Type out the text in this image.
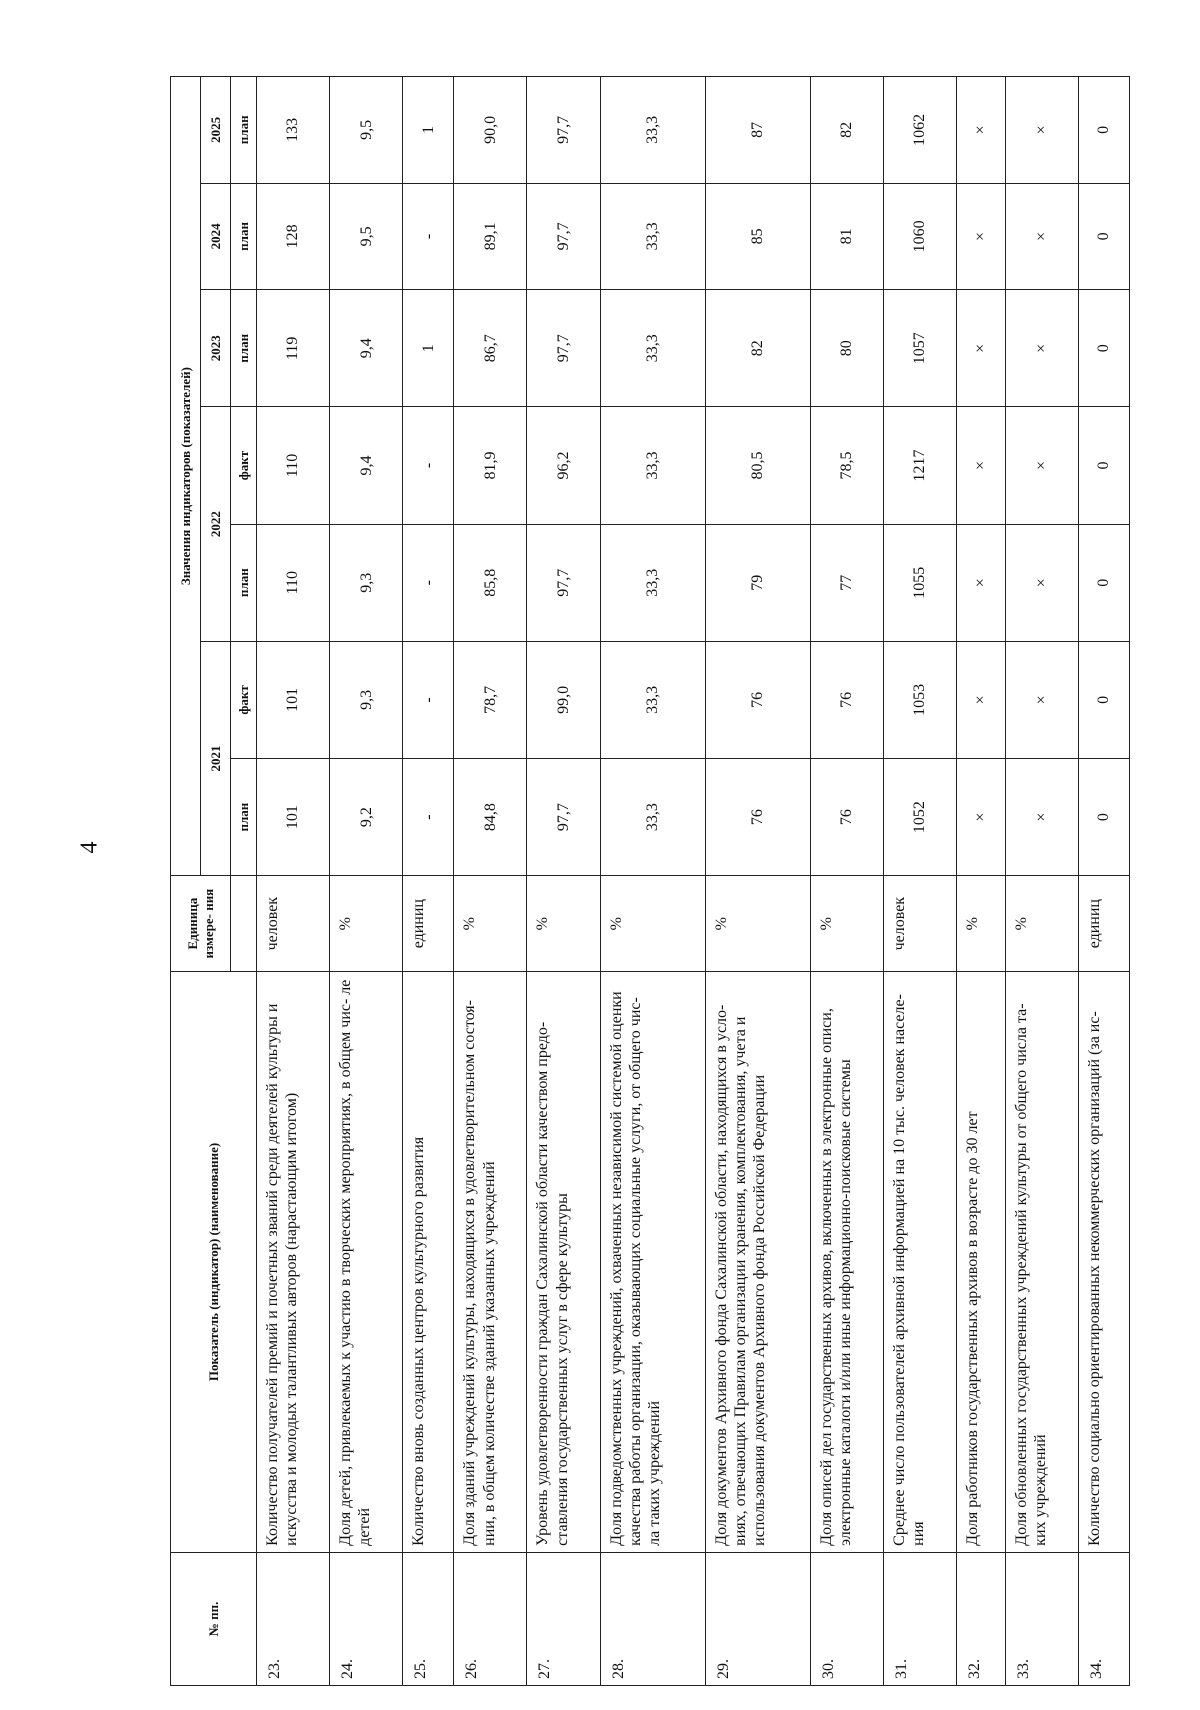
4
№ пп.	Показатель (индикатор) (наименование)	Единица измере- ния	Значения индикаторов (показателей)						
			2021		2022		2023	2024	2025
			план	факт	план	факт	план	план	план
23.	Количество получателей премий и почетных званий среди деятелей культуры и искусства и молодых талантливых авторов (нарастающим итогом)	человек	101	101	110	110	119	128	133
24.	Доля детей, привлекаемых к участию в творческих мероприятиях, в общем чис- ле детей	%	9,2	9,3	9,3	9,4	9,4	9,5	9,5
25.	Количество вновь созданных центров культурного развития	единиц	-	-	-	-	1	-	1
26.	Доля зданий учреждений культуры, находящихся в удовлетворительном состоя- нии, в общем количестве зданий указанных учреждений	%	84,8	78,7	85,8	81,9	86,7	89,1	90,0
27.	Уровень удовлетворенности граждан Сахалинской области качеством предо- ставления государственных услуг в сфере культуры	%	97,7	99,0	97,7	96,2	97,7	97,7	97,7
28.	Доля подведомственных учреждений, охваченных независимой системой оценки качества работы организации, оказывающих социальные услуги, от общего чис- ла таких учреждений	%	33,3	33,3	33,3	33,3	33,3	33,3	33,3
29.	Доля документов Архивного фонда Сахалинской области, находящихся в усло- виях, отвечающих Правилам организации хранения, комплектования, учета и использования документов Архивного фонда Российской Федерации	%	76	76	79	80,5	82	85	87
30.	Доля описей дел государственных архивов, включенных в электронные описи, электронные каталоги и/или иные информационно-поисковые системы	%	76	76	77	78,5	80	81	82
31.	Среднее число пользователей архивной информацией на 10 тыс. человек населе- ния	человек	1052	1053	1055	1217	1057	1060	1062
32.	Доля работников государственных архивов в возрасте до 30 лет	%	×	×	×	×	×	×	×
33.	Доля обновленных государственных учреждений культуры от общего числа та- ких учреждений	%	×	×	×	×	×	×	×
34.	Количество социально ориентированных некоммерческих организаций (за ис-	единиц	0	0	0	0	0	0	0
